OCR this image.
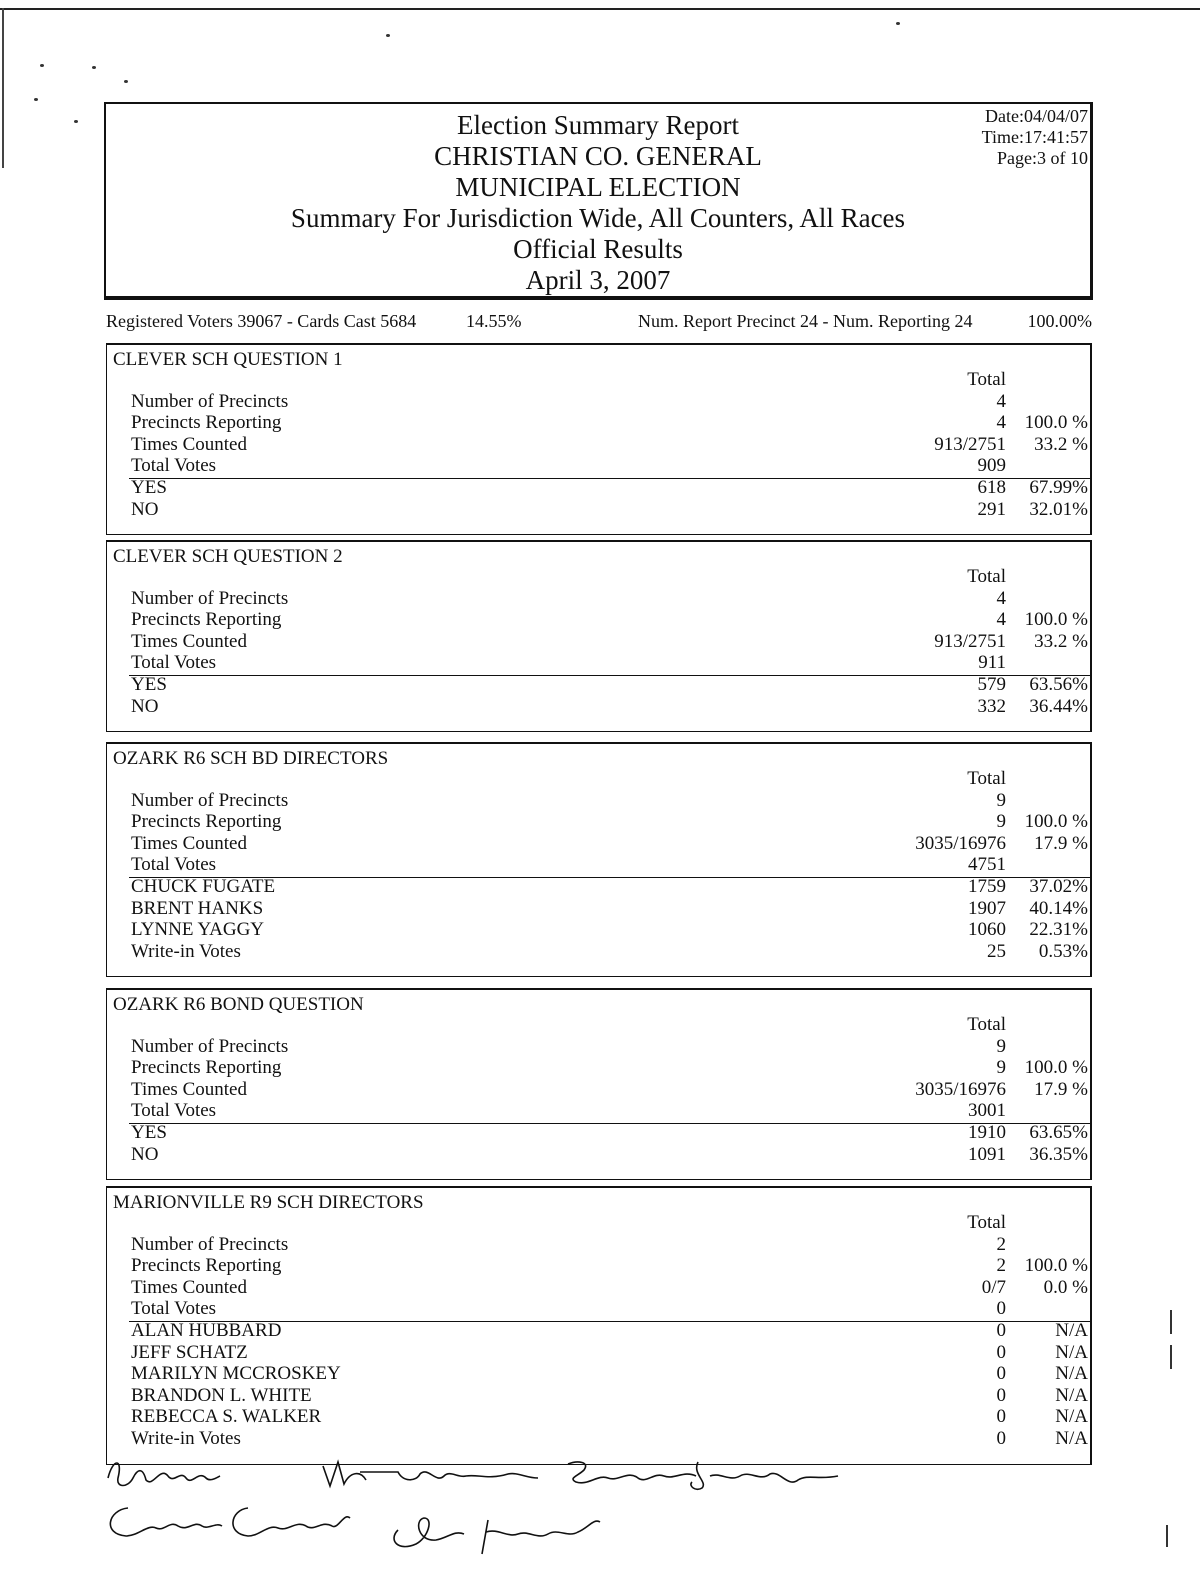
Election Summary Report
CHRISTIAN CO. GENERAL
MUNICIPAL ELECTION
Summary For Jurisdiction Wide, All Counters, All Races
Official Results
April 3, 2007
Date:04/04/07
Time:17:41:57
Page:3 of 10
Registered Voters 39067 - Cards Cast 5684	14.55%	Num. Report Precinct 24 - Num. Reporting 24	100.00%
CLEVER SCH QUESTION 1
Total
Number of Precincts	4
Precincts Reporting	4 100.0 %
Times Counted	913/2751 33.2 %
Total Votes	909
YES	618 67.99%
NO	291 32.01%
CLEVER SCH QUESTION 2
Total
Number of Precincts	4
Precincts Reporting	4 100.0 %
Times Counted	913/2751 33.2 %
Total Votes	911
YES	579 63.56%
NO	332 36.44%
OZARK R6 SCH BD DIRECTORS
Total
Number of Precincts	9
Precincts Reporting	9 100.0 %
Times Counted	3035/16976 17.9 %
Total Votes	4751
CHUCK FUGATE	1759 37.02%
BRENT HANKS	1907 40.14%
LYNNE YAGGY	1060 22.31%
Write-in Votes	25 0.53%
OZARK R6 BOND QUESTION
Total
Number of Precincts	9
Precincts Reporting	9 100.0 %
Times Counted	3035/16976 17.9 %
Total Votes	3001
YES	1910 63.65%
NO	1091 36.35%
MARIONVILLE R9 SCH DIRECTORS
Total
Number of Precincts	2
Precincts Reporting	2 100.0 %
Times Counted	0/7 0.0 %
Total Votes	0
ALAN HUBBARD	0	N/A
JEFF SCHATZ	0	N/A
MARILYN MCCROSKEY	0	N/A
BRANDON L. WHITE	0	N/A
REBECCA S. WALKER	0	N/A
Write-in Votes	0	N/A
